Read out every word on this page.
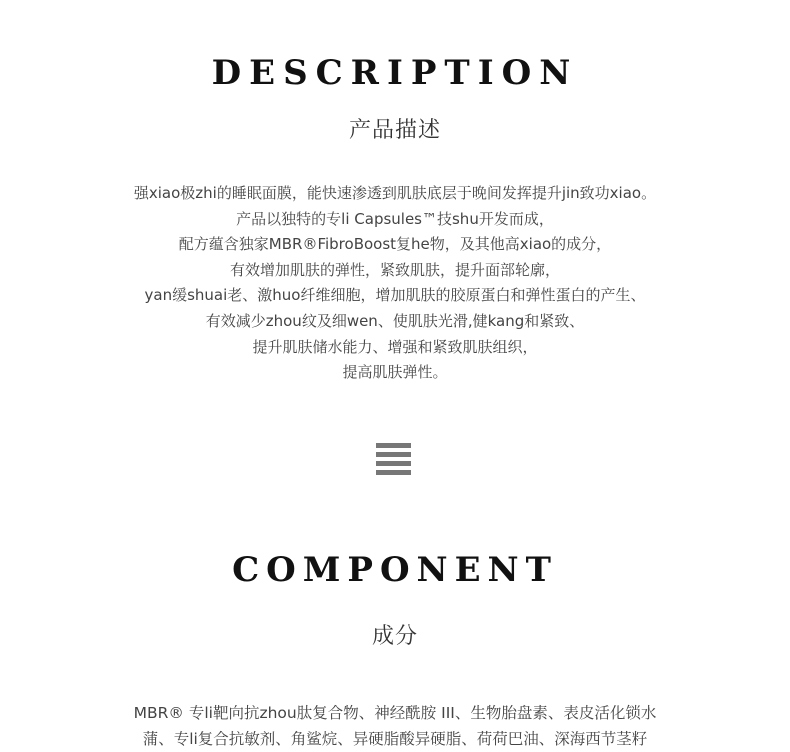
DESCRIPTION
产品描述
强xiao极zhi的睡眠面膜，能快速渗透到肌肤底层于晚间发挥提升jin致功xiao。
产品以独特的专li Capsules™技shu开发而成，
配方蕴含独家MBR®FibroBoost复he物，及其他高xiao的成分，
有效增加肌肤的弹性，紧致肌肤，提升面部轮廓，
yan缓shuai老、激huo纤维细胞，增加肌肤的胶原蛋白和弹性蛋白的产生、
有效减少zhou纹及细wen、使肌肤光滑,健kang和紧致、
提升肌肤储水能力、增强和紧致肌肤组织，
提高肌肤弹性。
COMPONENT
成分
MBR® 专li靶向抗zhou肽复合物、神经酰胺 III、生物胎盘素、表皮活化锁水
蒲、专li复合抗敏剂、角鲨烷、异硬脂酸异硬脂、荷荷巴油、深海西节茎籽
